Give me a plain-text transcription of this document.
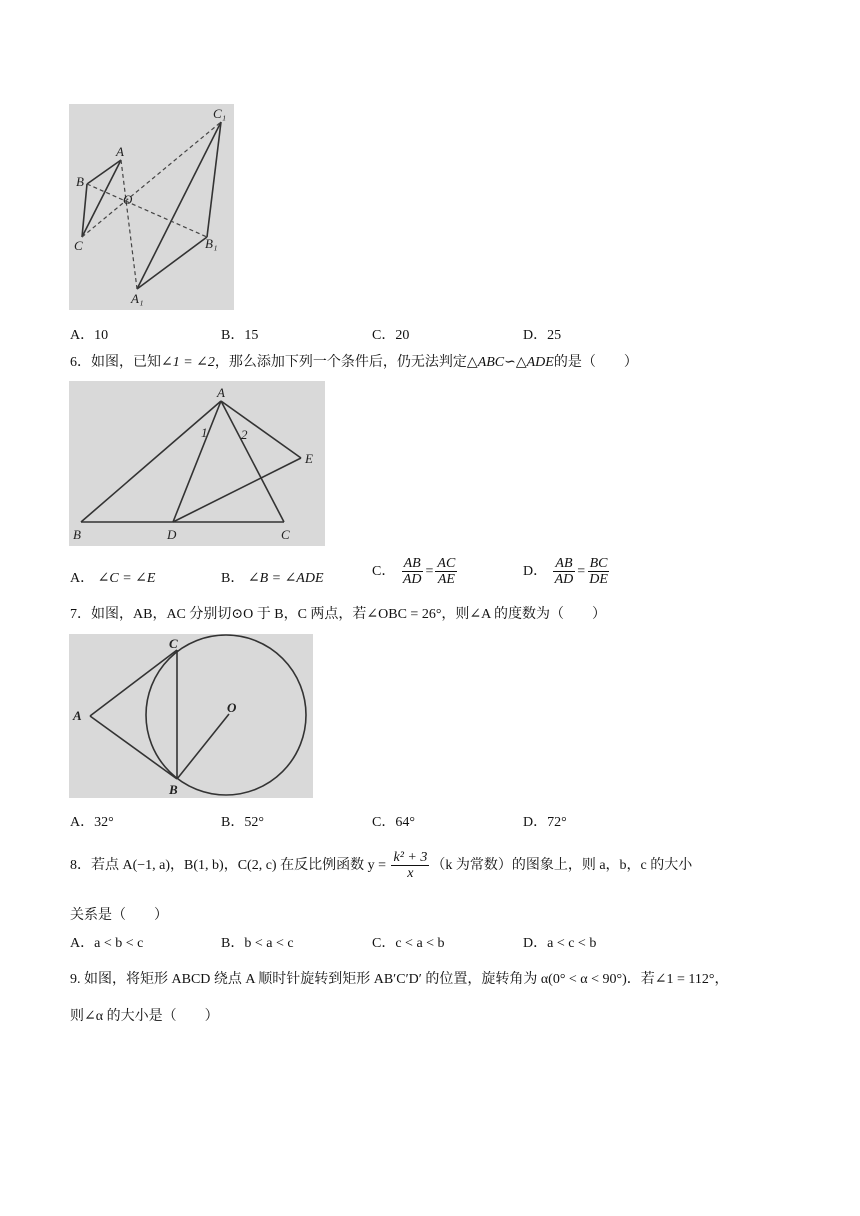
A
B
C
O
C₁
B₁
A₁
A．10	B．15	C．20	D．25
6．如图，已知∠1 = ∠2，那么添加下列一个条件后，仍无法判定△ABC∽△ADE的是（　　）
A
1	2
E
B	D	C
A． ∠C = ∠E	B． ∠B = ∠ADE	C． $\frac{AB}{AD} = \frac{AC}{AE}$	D． $\frac{AB}{AD} = \frac{BC}{DE}$
7．如图，AB，AC 分别切⊙O 于 B，C 两点，若∠OBC = 26°，则∠A 的度数为（　　）
C
A
O
B
A．32°	B．52°	C．64°	D．72°
8．若点 A(−1, a)，B(1, b)，C(2, c) 在反比例函数 $y = \frac{\text{k² + 3}}{x} (k$ 为常数）的图象上，则 a，b，c 的大小
关系是（　　）
A．a < b < c	B．b < a < c	C．c < a < b	D．a < c < b
9. 如图，将矩形 ABCD 绕点 A 顺时针旋转到矩形 AB′C′D′ 的位置，旋转角为 α(0° < α < 90°)．若∠1 = 112°，
则∠α 的大小是（　　）
